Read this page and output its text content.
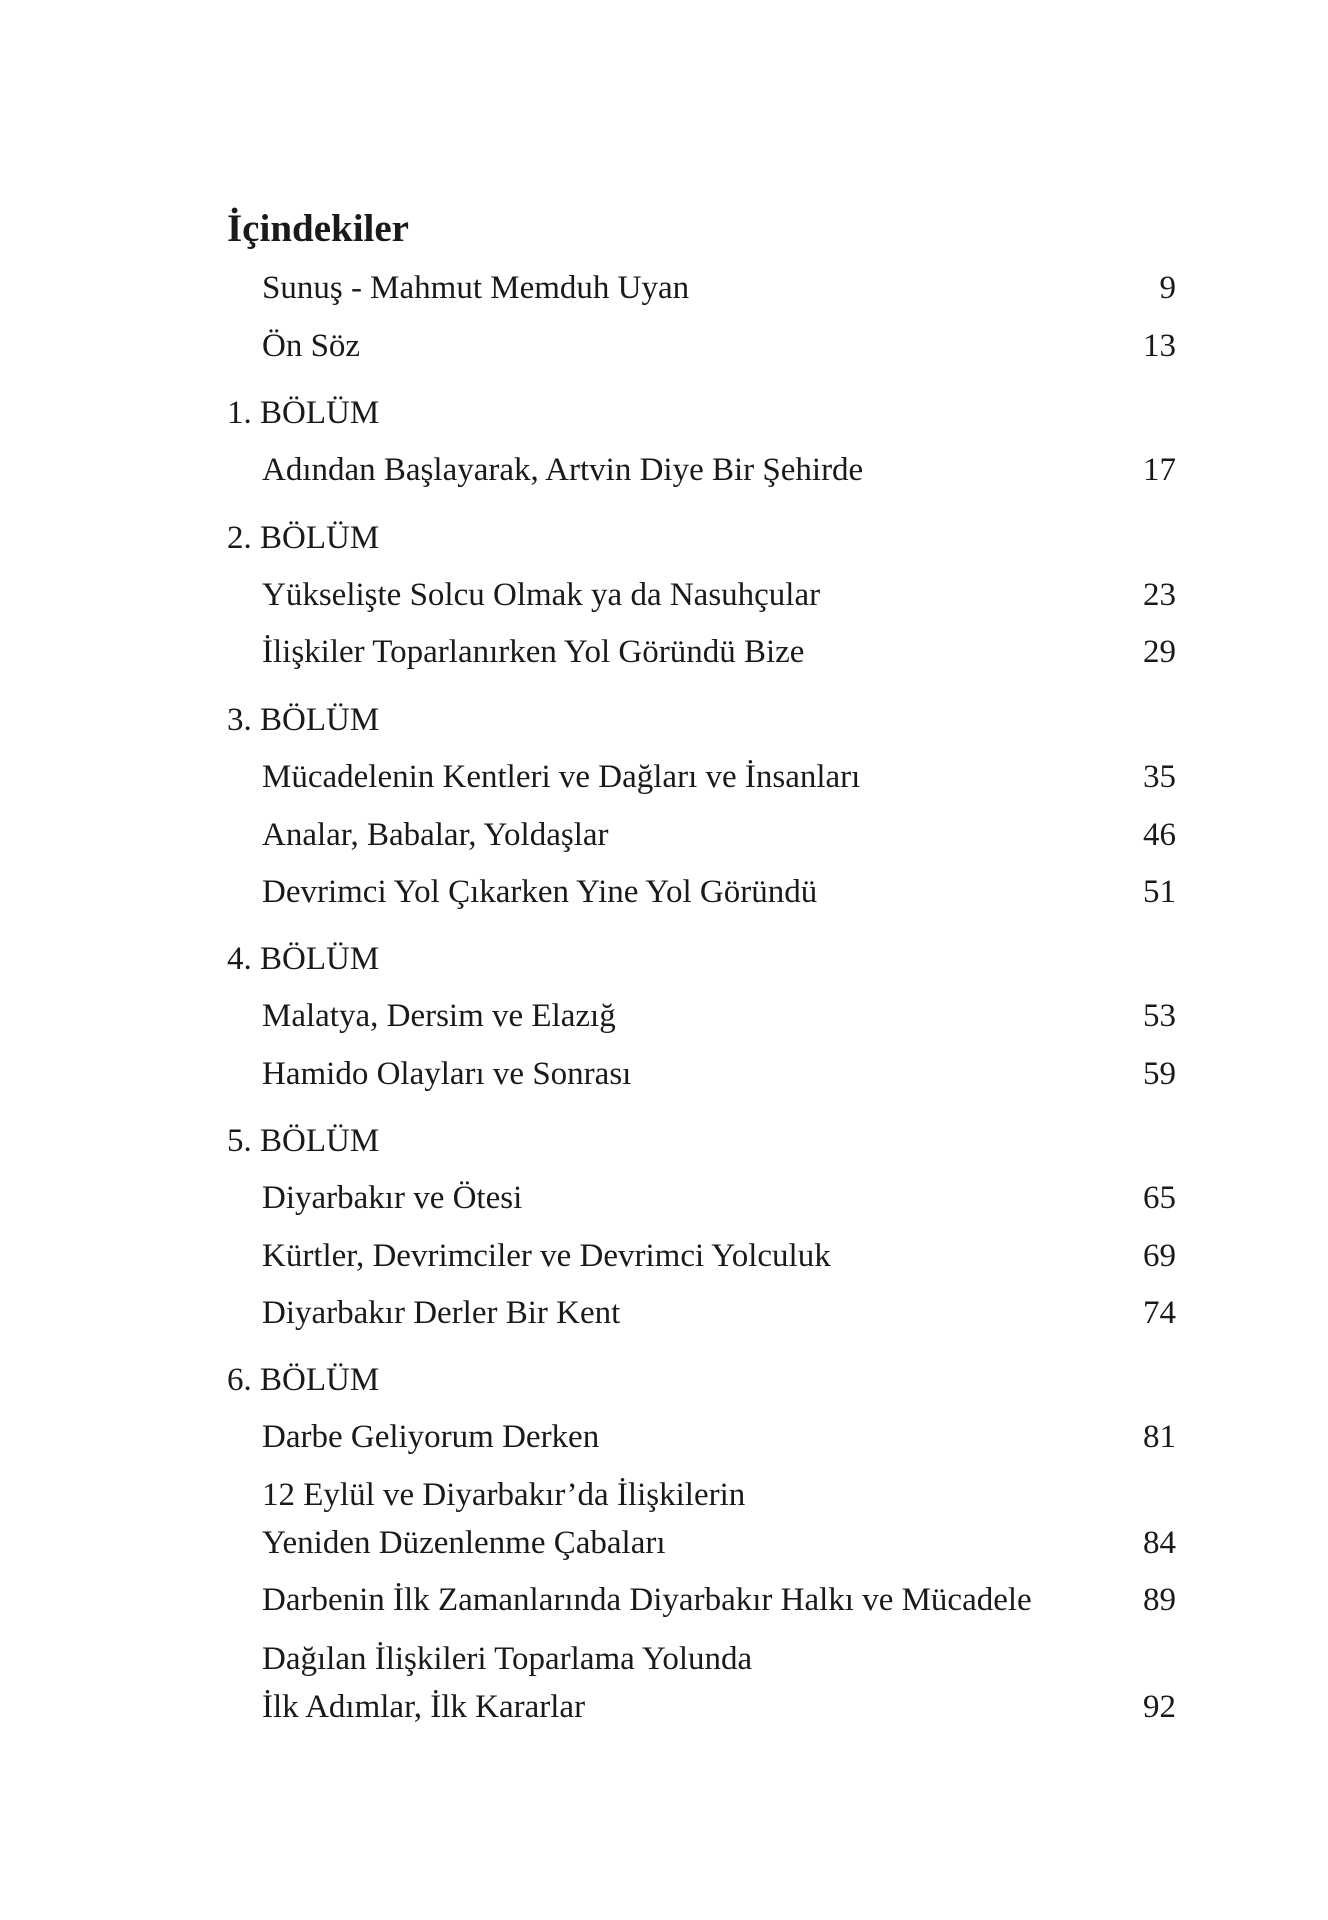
İçindekiler
Sunuş - Mahmut Memduh Uyan	9
Ön Söz	13
1. BÖLÜM
Adından Başlayarak, Artvin Diye Bir Şehirde	17
2. BÖLÜM
Yükselişte Solcu Olmak ya da Nasuhçular	23
İlişkiler Toparlanırken Yol Göründü Bize	29
3. BÖLÜM
Mücadelenin Kentleri ve Dağları ve İnsanları	35
Analar, Babalar, Yoldaşlar	46
Devrimci Yol Çıkarken Yine Yol Göründü	51
4. BÖLÜM
Malatya, Dersim ve Elazığ	53
Hamido Olayları ve Sonrası	59
5. BÖLÜM
Diyarbakır ve Ötesi	65
Kürtler, Devrimciler ve Devrimci Yolculuk	69
Diyarbakır Derler Bir Kent	74
6. BÖLÜM
Darbe Geliyorum Derken	81
12 Eylül ve Diyarbakır’da İlişkilerin
Yeniden Düzenlenme Çabaları	84
Darbenin İlk Zamanlarında Diyarbakır Halkı ve Mücadele	89
Dağılan İlişkileri Toparlama Yolunda
İlk Adımlar, İlk Kararlar	92
